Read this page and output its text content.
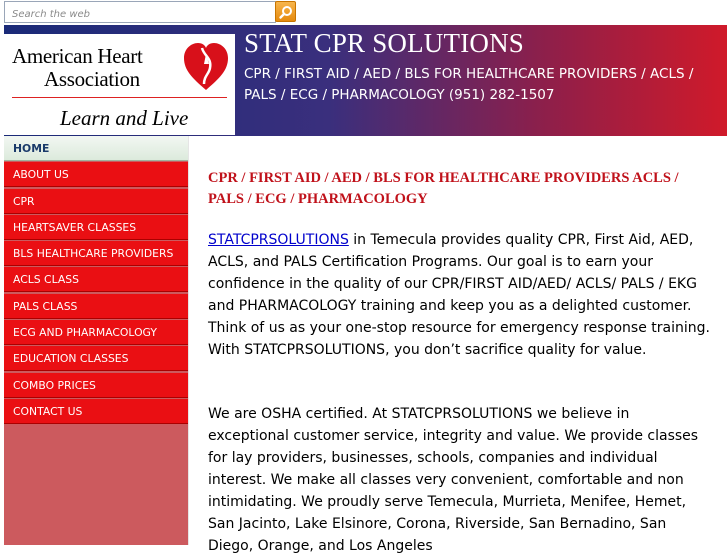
Search the web
American Heart
Association
Learn and Live
STAT CPR SOLUTIONS
CPR / FIRST AID / AED / BLS FOR HEALTHCARE PROVIDERS / ACLS / PALS / ECG / PHARMACOLOGY (951) 282-1507
HOME
ABOUT US
CPR
HEARTSAVER CLASSES
BLS HEALTHCARE PROVIDERS
ACLS CLASS
PALS CLASS
ECG AND PHARMACOLOGY
EDUCATION CLASSES
COMBO PRICES
CONTACT US
CPR / FIRST AID / AED / BLS FOR HEALTHCARE PROVIDERS ACLS / PALS / ECG / PHARMACOLOGY

STATCPRSOLUTIONS in Temecula provides quality CPR, First Aid, AED, ACLS, and PALS Certification Programs. Our goal is to earn your confidence in the quality of our CPR/FIRST AID/AED/ ACLS/ PALS / EKG and PHARMACOLOGY training and keep you as a delighted customer. Think of us as your one-stop resource for emergency response training. With STATCPRSOLUTIONS, you don’t sacrifice quality for value.

We are OSHA certified. At STATCPRSOLUTIONS we believe in exceptional customer service, integrity and value. We provide classes for lay providers, businesses, schools, companies and individual interest. We make all classes very convenient, comfortable and non intimidating. We proudly serve Temecula, Murrieta, Menifee, Hemet, San Jacinto, Lake Elsinore, Corona, Riverside, San Bernadino, San Diego, Orange, and Los Angeles
